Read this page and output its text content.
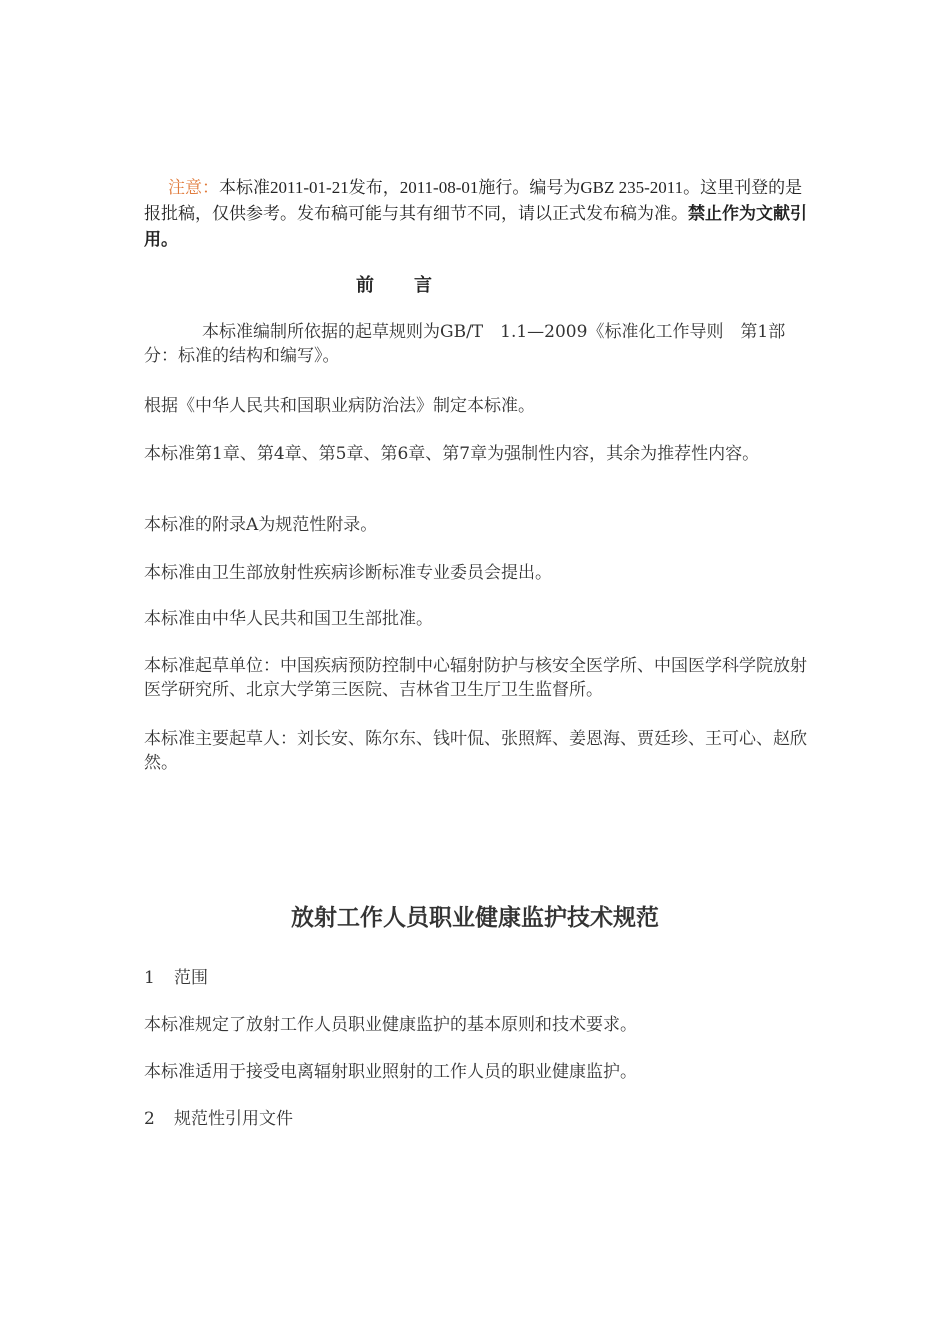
注意：本标准2011-01-21发布，2011-08-01施行。编号为GBZ 235-2011。这里刊登的是报批稿，仅供参考。发布稿可能与其有细节不同，请以正式发布稿为准。禁止作为文献引用。
前言
本标准编制所依据的起草规则为GB/T　1.1—2009《标准化工作导则　第1部分：标准的结构和编写》。
根据《中华人民共和国职业病防治法》制定本标准。
本标准第1章、第4章、第5章、第6章、第7章为强制性内容，其余为推荐性内容。
本标准的附录A为规范性附录。
本标准由卫生部放射性疾病诊断标准专业委员会提出。
本标准由中华人民共和国卫生部批准。
本标准起草单位：中国疾病预防控制中心辐射防护与核安全医学所、中国医学科学院放射医学研究所、北京大学第三医院、吉林省卫生厅卫生监督所。
本标准主要起草人：刘长安、陈尔东、钱叶侃、张照辉、姜恩海、贾廷珍、王可心、赵欣然。
放射工作人员职业健康监护技术规范
1 范围
本标准规定了放射工作人员职业健康监护的基本原则和技术要求。
本标准适用于接受电离辐射职业照射的工作人员的职业健康监护。
2 规范性引用文件
